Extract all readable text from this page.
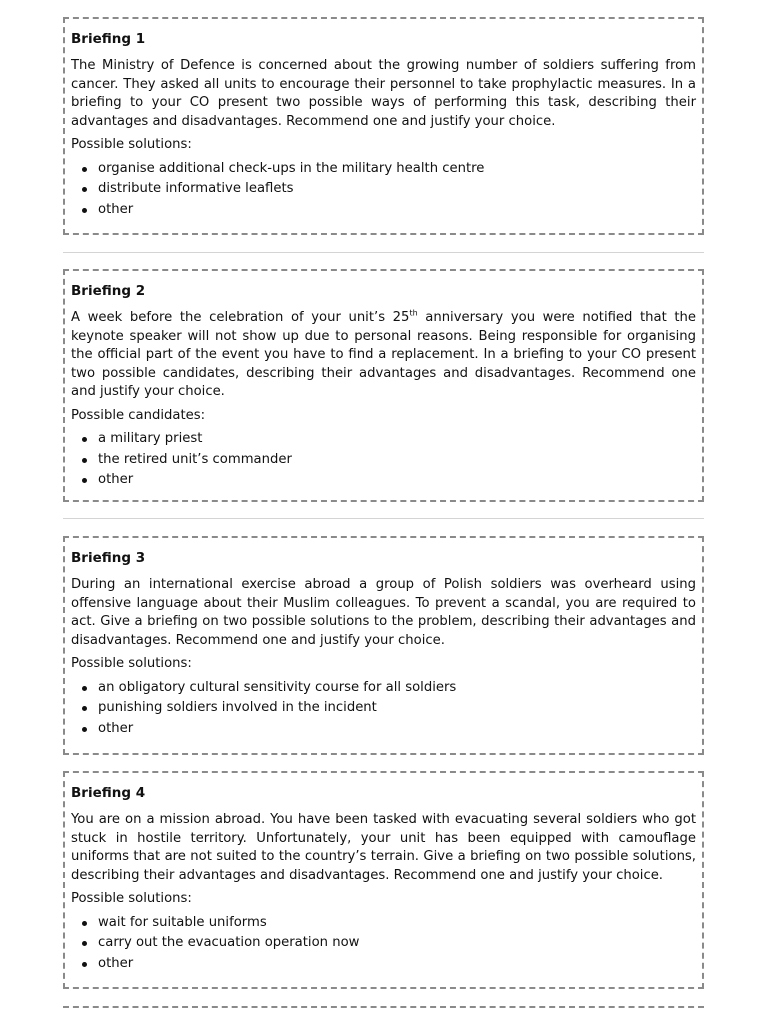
Briefing 1

The Ministry of Defence is concerned about the growing number of soldiers suffering from cancer. They asked all units to encourage their personnel to take prophylactic measures. In a briefing to your CO present two possible ways of performing this task, describing their advantages and disadvantages. Recommend one and justify your choice.

Possible solutions:

organise additional check-ups in the military health centre
distribute informative leaflets
other

Briefing 2

A week before the celebration of your unit’s 25th anniversary you were notified that the keynote speaker will not show up due to personal reasons. Being responsible for organising the official part of the event you have to find a replacement. In a briefing to your CO present two possible candidates, describing their advantages and disadvantages. Recommend one and justify your choice.

Possible candidates:

a military priest
the retired unit’s commander
other

Briefing 3

During an international exercise abroad a group of Polish soldiers was overheard using offensive language about their Muslim colleagues. To prevent a scandal, you are required to act. Give a briefing on two possible solutions to the problem, describing their advantages and disadvantages. Recommend one and justify your choice.

Possible solutions:

an obligatory cultural sensitivity course for all soldiers
punishing soldiers involved in the incident
other

Briefing 4

You are on a mission abroad. You have been tasked with evacuating several soldiers who got stuck in hostile territory. Unfortunately, your unit has been equipped with camouflage uniforms that are not suited to the country’s terrain. Give a briefing on two possible solutions, describing their advantages and disadvantages. Recommend one and justify your choice.

Possible solutions:

wait for suitable uniforms
carry out the evacuation operation now
other
